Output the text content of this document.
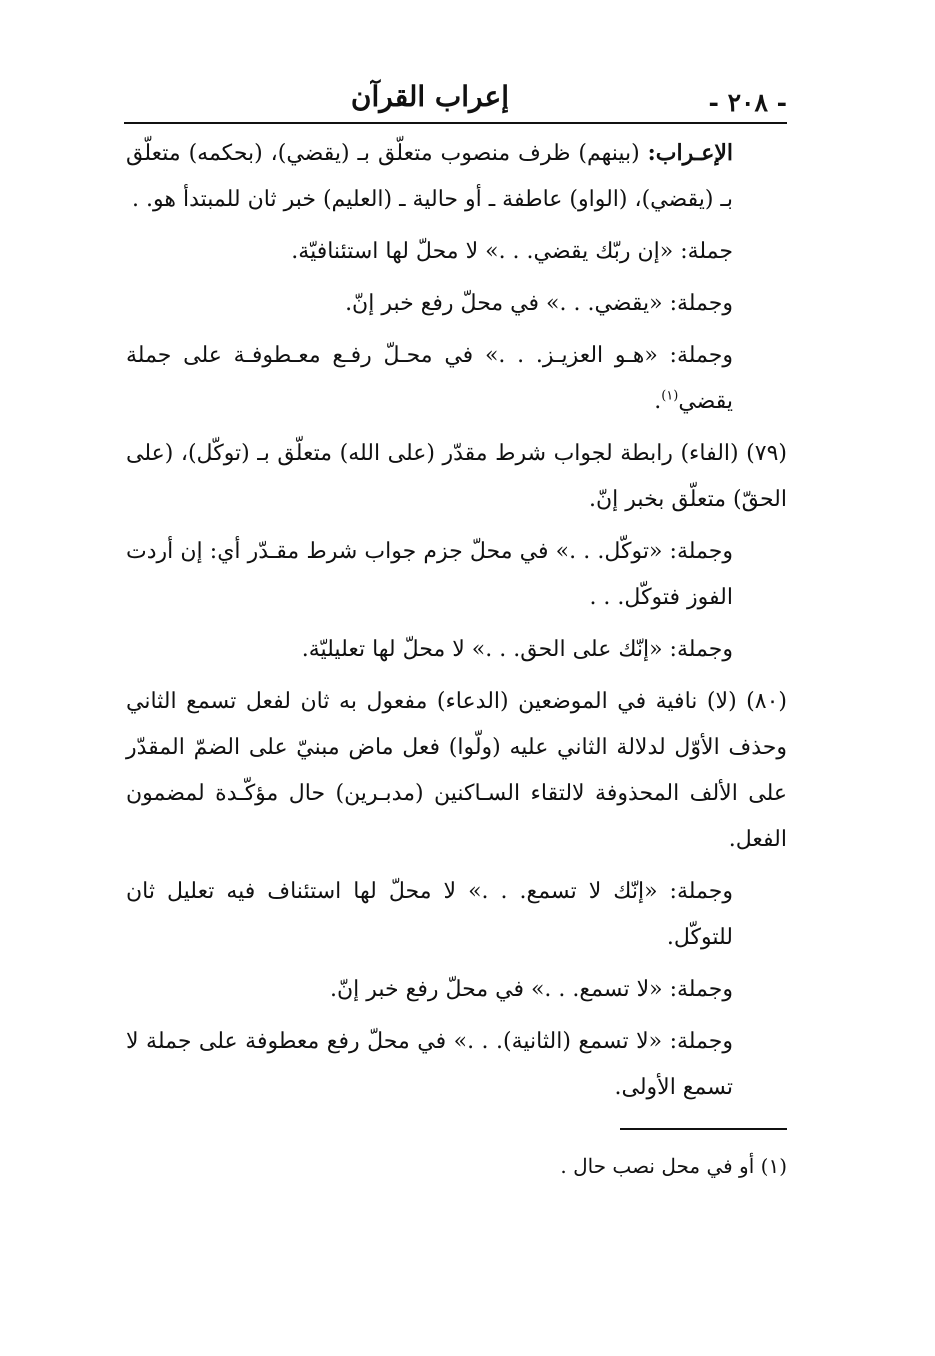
- ٢٠٨ -
إعراب القرآن

الإعـراب: (بينهم) ظرف منصوب متعلّق بـ (يقضي)، (بحكمه) متعلّق بـ (يقضي)، (الواو) عاطفة ـ أو حالية ـ (العليم) خبر ثان للمبتدأ هو. .

جملة: «إن ربّك يقضي. . .» لا محلّ لها استئنافيّة.

وجملة: «يقضي. . .» في محلّ رفع خبر إنّ.

وجملة: «هـو العزيـز. . .» في محـلّ رفـع معـطوفـة على جملة يقضي$^{(١)}$.

(٧٩) (الفاء) رابطة لجواب شرط مقدّر (على الله) متعلّق بـ (توكّل)، (على الحقّ) متعلّق بخبر إنّ.

وجملة: «توكّل. . .» في محلّ جزم جواب شرط مقـدّر أي: إن أردت الفوز فتوكّل. . .

وجملة: «إنّك على الحق. . .» لا محلّ لها تعليليّة.

(٨٠) (لا) نافية في الموضعين (الدعاء) مفعول به ثان لفعل تسمع الثاني وحذف الأوّل لدلالة الثاني عليه (ولّوا) فعل ماض مبنيّ على الضمّ المقدّر على الألف المحذوفة لالتقاء السـاكنين (مدبـرين) حال مؤكّـدة لمضمون الفعل.

وجملة: «إنّك لا تسمع. . .» لا محلّ لها استئناف فيه تعليل ثان للتوكّل.

وجملة: «لا تسمع. . .» في محلّ رفع خبر إنّ.

وجملة: «لا تسمع (الثانية). . .» في محلّ رفع معطوفة على جملة لا تسمع الأولى.

(١) أو في محل نصب حال .
